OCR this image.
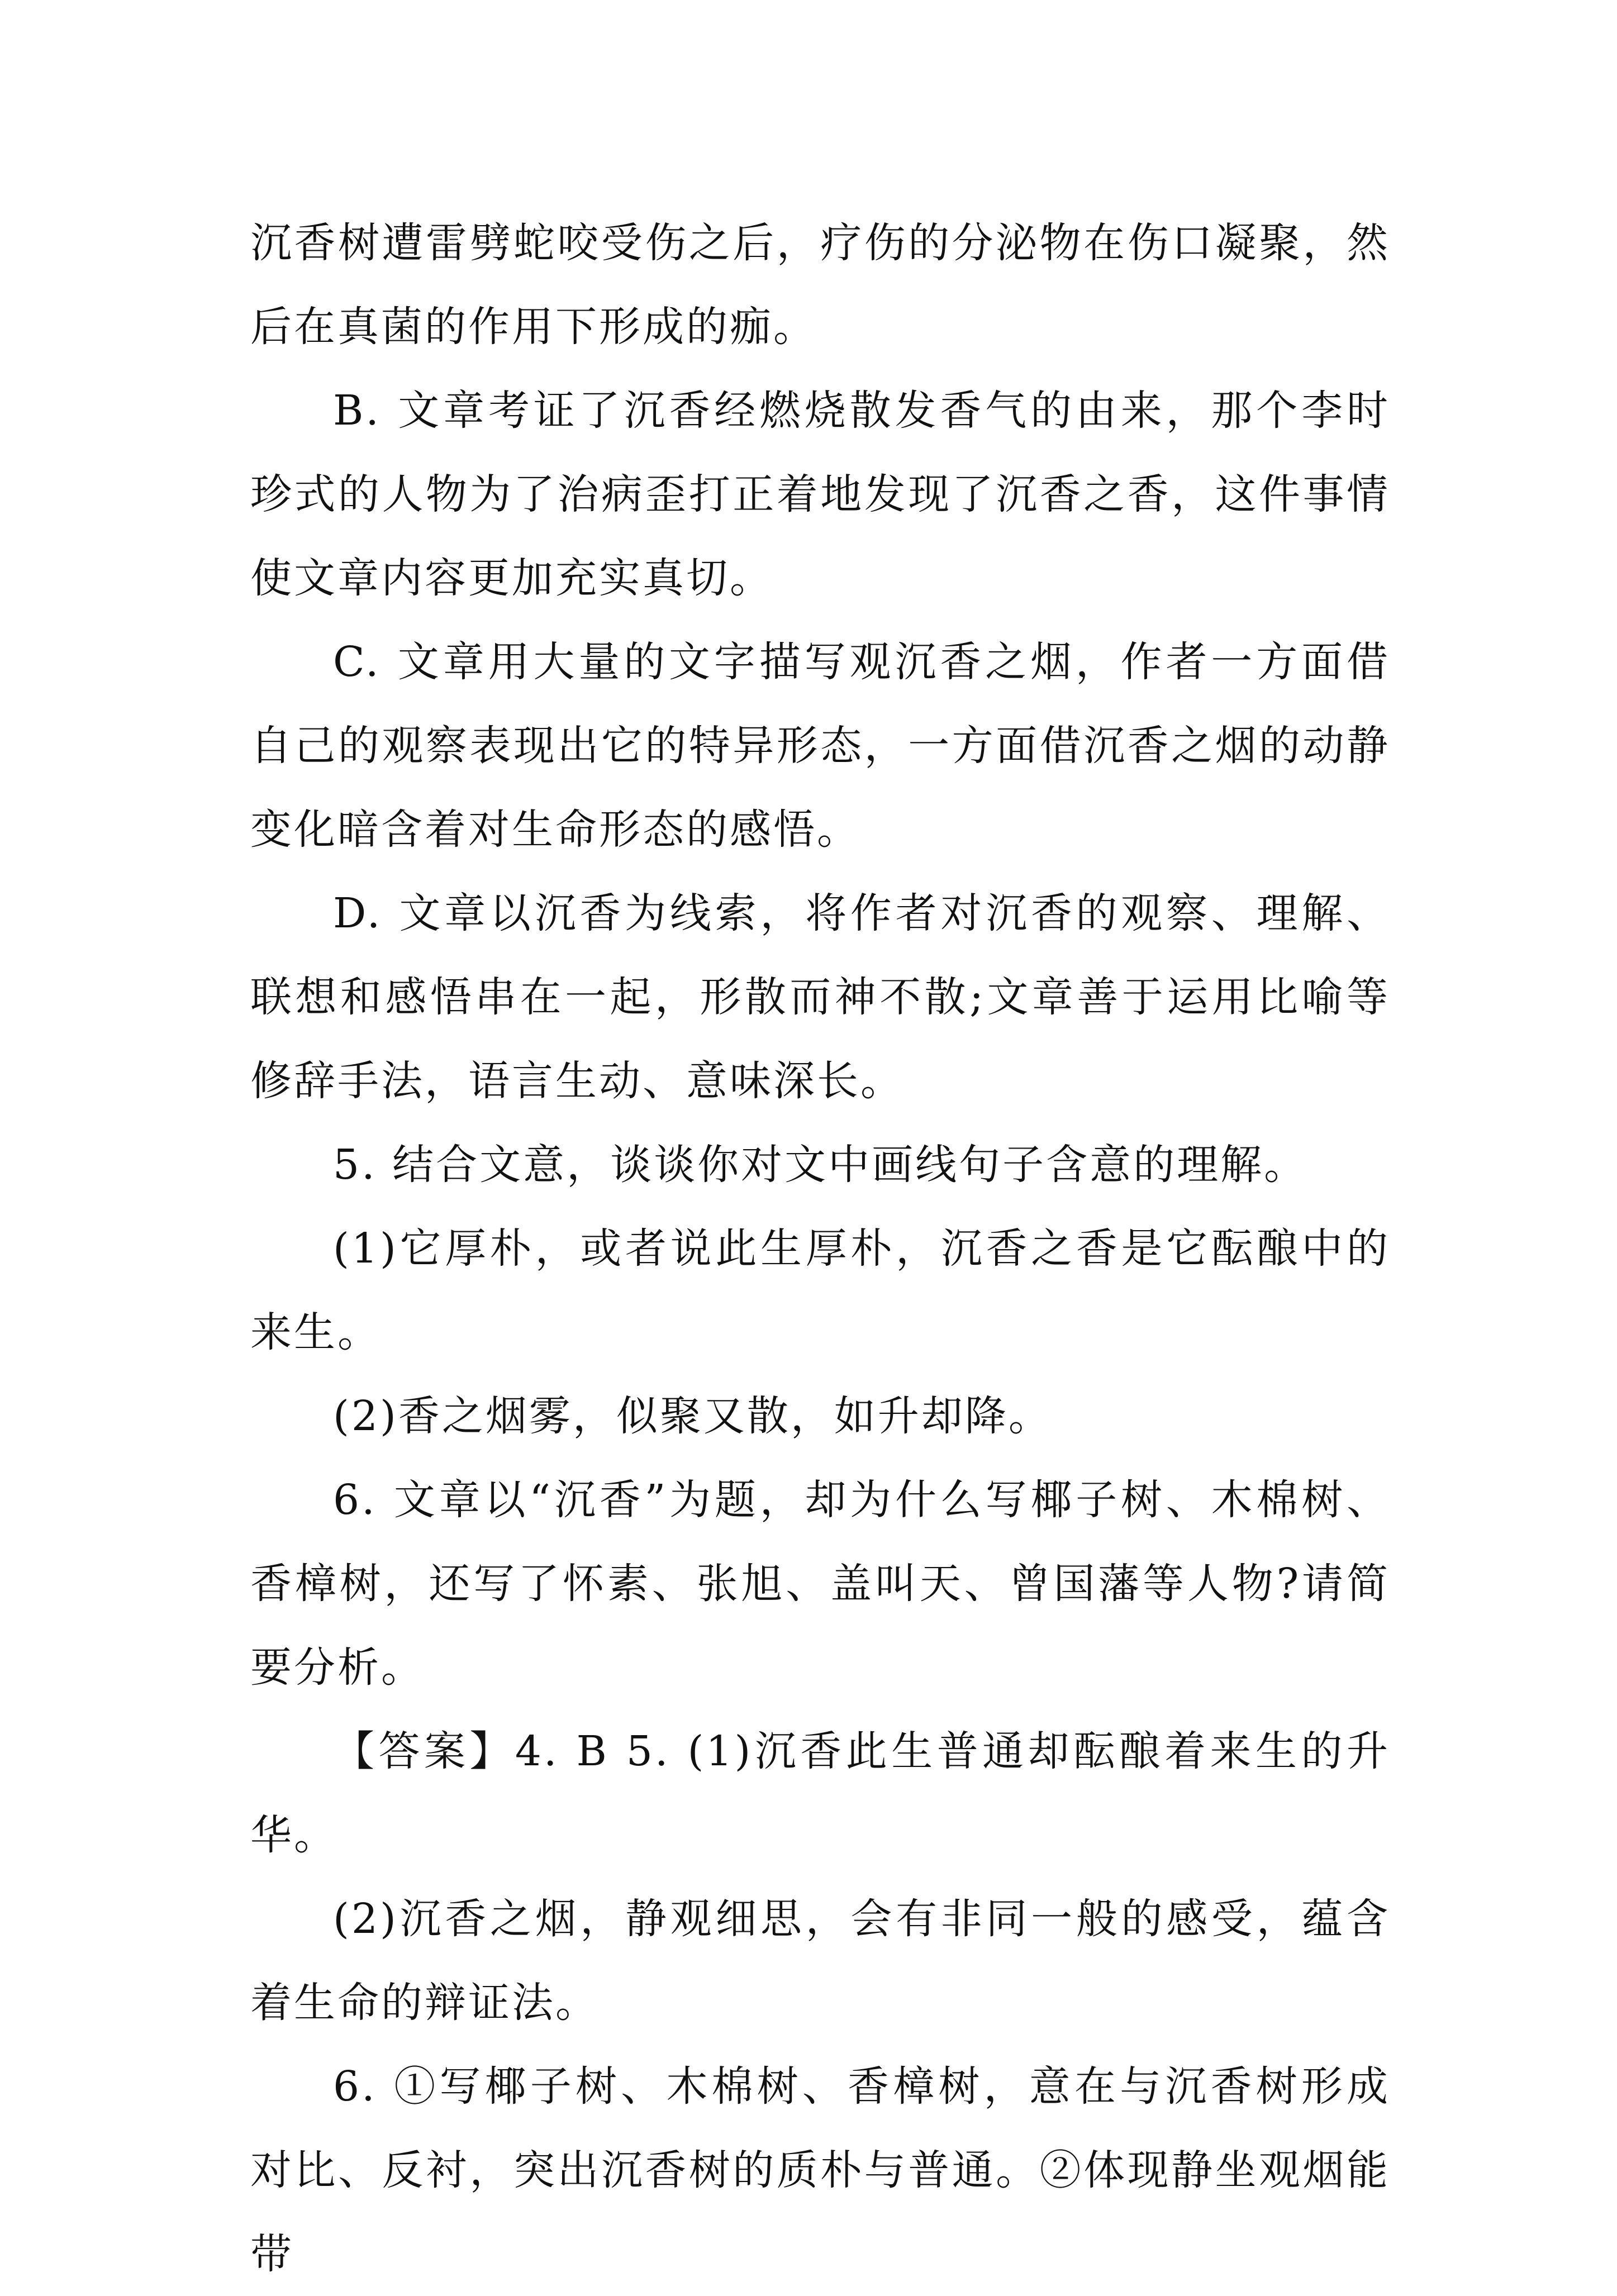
沉香树遭雷劈蛇咬受伤之后，疗伤的分泌物在伤口凝聚，然后在真菌的作用下形成的痂。

B. 文章考证了沉香经燃烧散发香气的由来，那个李时珍式的人物为了治病歪打正着地发现了沉香之香，这件事情使文章内容更加充实真切。

C. 文章用大量的文字描写观沉香之烟，作者一方面借自己的观察表现出它的特异形态，一方面借沉香之烟的动静变化暗含着对生命形态的感悟。

D. 文章以沉香为线索，将作者对沉香的观察、理解、联想和感悟串在一起，形散而神不散;文章善于运用比喻等修辞手法，语言生动、意味深长。

5. 结合文意，谈谈你对文中画线句子含意的理解。

(1)它厚朴，或者说此生厚朴，沉香之香是它酝酿中的来生。

(2)香之烟雾，似聚又散，如升却降。

6. 文章以“沉香”为题，却为什么写椰子树、木棉树、香樟树，还写了怀素、张旭、盖叫天、曾国藩等人物?请简要分析。

【答案】4. B 5. (1)沉香此生普通却酝酿着来生的升华。

(2)沉香之烟，静观细思，会有非同一般的感受，蕴含着生命的辩证法。

6. ①写椰子树、木棉树、香樟树，意在与沉香树形成对比、反衬，突出沉香树的质朴与普通。②体现静坐观烟能带
